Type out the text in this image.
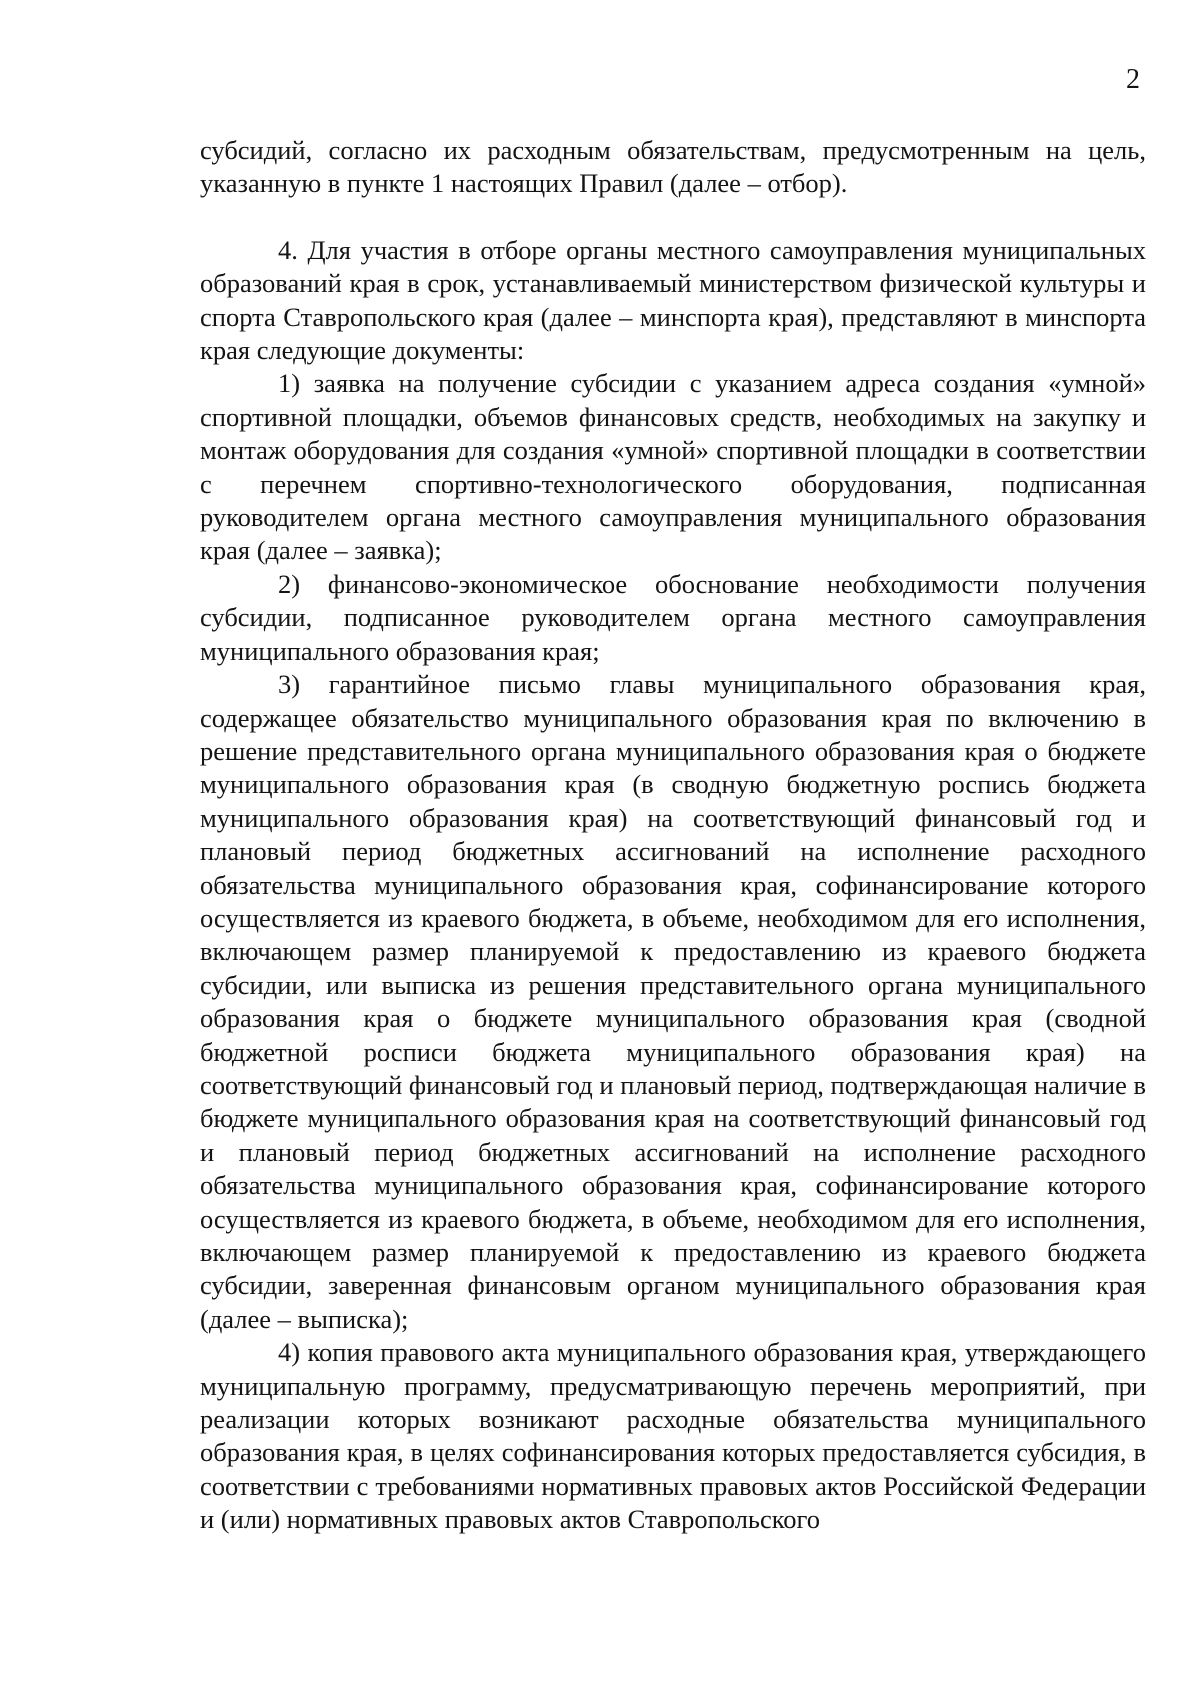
2

субсидий, согласно их расходным обязательствам, предусмотренным на цель, указанную в пункте 1 настоящих Правил (далее – отбор).

4. Для участия в отборе органы местного самоуправления муниципальных образований края в срок, устанавливаемый министерством физической культуры и спорта Ставропольского края (далее – минспорта края), представляют в минспорта края следующие документы:

1) заявка на получение субсидии с указанием адреса создания «умной» спортивной площадки, объемов финансовых средств, необходимых на закупку и монтаж оборудования для создания «умной» спортивной площадки в соответствии с перечнем спортивно-технологического оборудования, подписанная руководителем органа местного самоуправления муниципального образования края (далее – заявка);

2) финансово-экономическое обоснование необходимости получения субсидии, подписанное руководителем органа местного самоуправления муниципального образования края;

3) гарантийное письмо главы муниципального образования края, содержащее обязательство муниципального образования края по включению в решение представительного органа муниципального образования края о бюджете муниципального образования края (в сводную бюджетную роспись бюджета муниципального образования края) на соответствующий финансовый год и плановый период бюджетных ассигнований на исполнение расходного обязательства муниципального образования края, софинансирование которого осуществляется из краевого бюджета, в объеме, необходимом для его исполнения, включающем размер планируемой к предоставлению из краевого бюджета субсидии, или выписка из решения представительного органа муниципального образования края о бюджете муниципального образования края (сводной бюджетной росписи бюджета муниципального образования края) на соответствующий финансовый год и плановый период, подтверждающая наличие в бюджете муниципального образования края на соответствующий финансовый год и плановый период бюджетных ассигнований на исполнение расходного обязательства муниципального образования края, софинансирование которого осуществляется из краевого бюджета, в объеме, необходимом для его исполнения, включающем размер планируемой к предоставлению из краевого бюджета субсидии, заверенная финансовым органом муниципального образования края (далее – выписка);

4) копия правового акта муниципального образования края, утверждающего муниципальную программу, предусматривающую перечень мероприятий, при реализации которых возникают расходные обязательства муниципального образования края, в целях софинансирования которых предоставляется субсидия, в соответствии с требованиями нормативных правовых актов Российской Федерации и (или) нормативных правовых актов Ставропольского
